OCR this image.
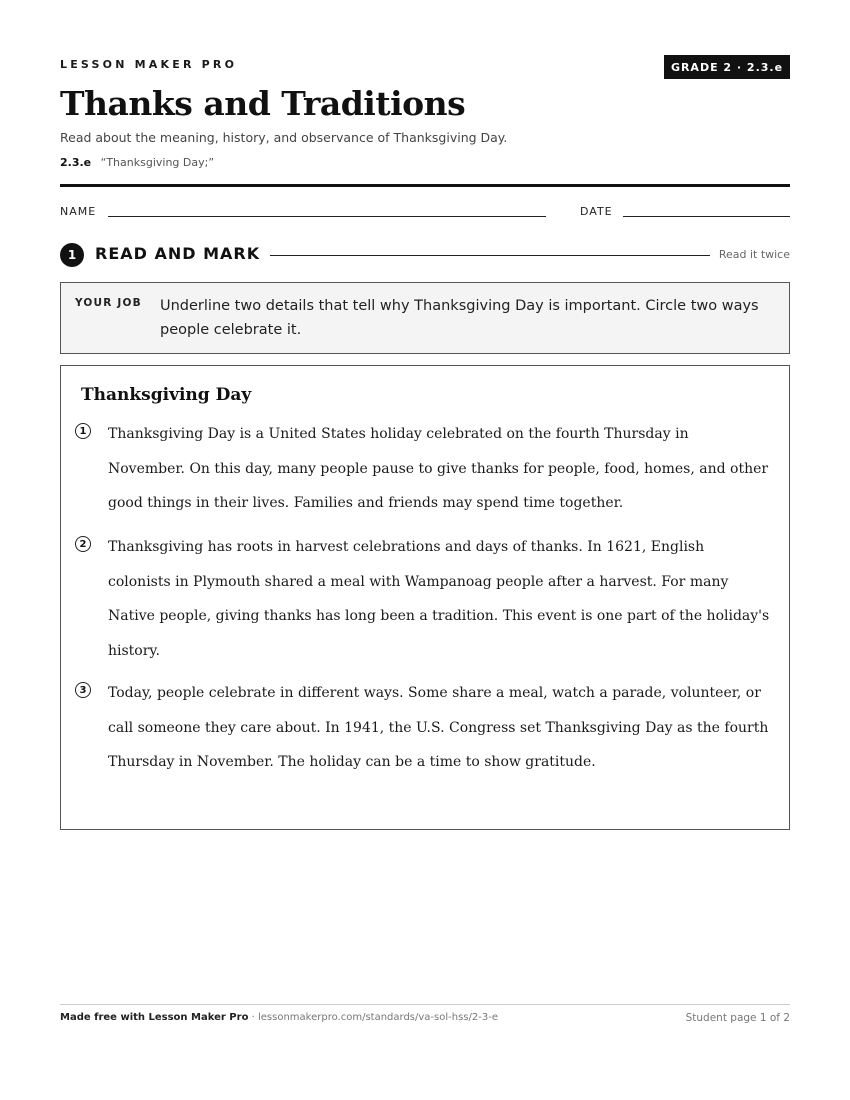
LESSON MAKER PRO	GRADE 2 · 2.3.e
Thanks and Traditions
Read about the meaning, history, and observance of Thanksgiving Day.
2.3.e “Thanksgiving Day;”
NAME	DATE
1	READ AND MARK	Read it twice
YOUR JOB Underline two details that tell why Thanksgiving Day is important. Circle two ways people celebrate it.
Thanksgiving Day
1	Thanksgiving Day is a United States holiday celebrated on the fourth Thursday in November. On this day, many people pause to give thanks for people, food, homes, and other good things in their lives. Families and friends may spend time together.
2	Thanksgiving has roots in harvest celebrations and days of thanks. In 1621, English colonists in Plymouth shared a meal with Wampanoag people after a harvest. For many Native people, giving thanks has long been a tradition. This event is one part of the holiday's history.
3	Today, people celebrate in different ways. Some share a meal, watch a parade, volunteer, or call someone they care about. In 1941, the U.S. Congress set Thanksgiving Day as the fourth Thursday in November. The holiday can be a time to show gratitude.
Made free with Lesson Maker Pro · lessonmakerpro.com/standards/va-sol-hss/2-3-e	Student page 1 of 2
